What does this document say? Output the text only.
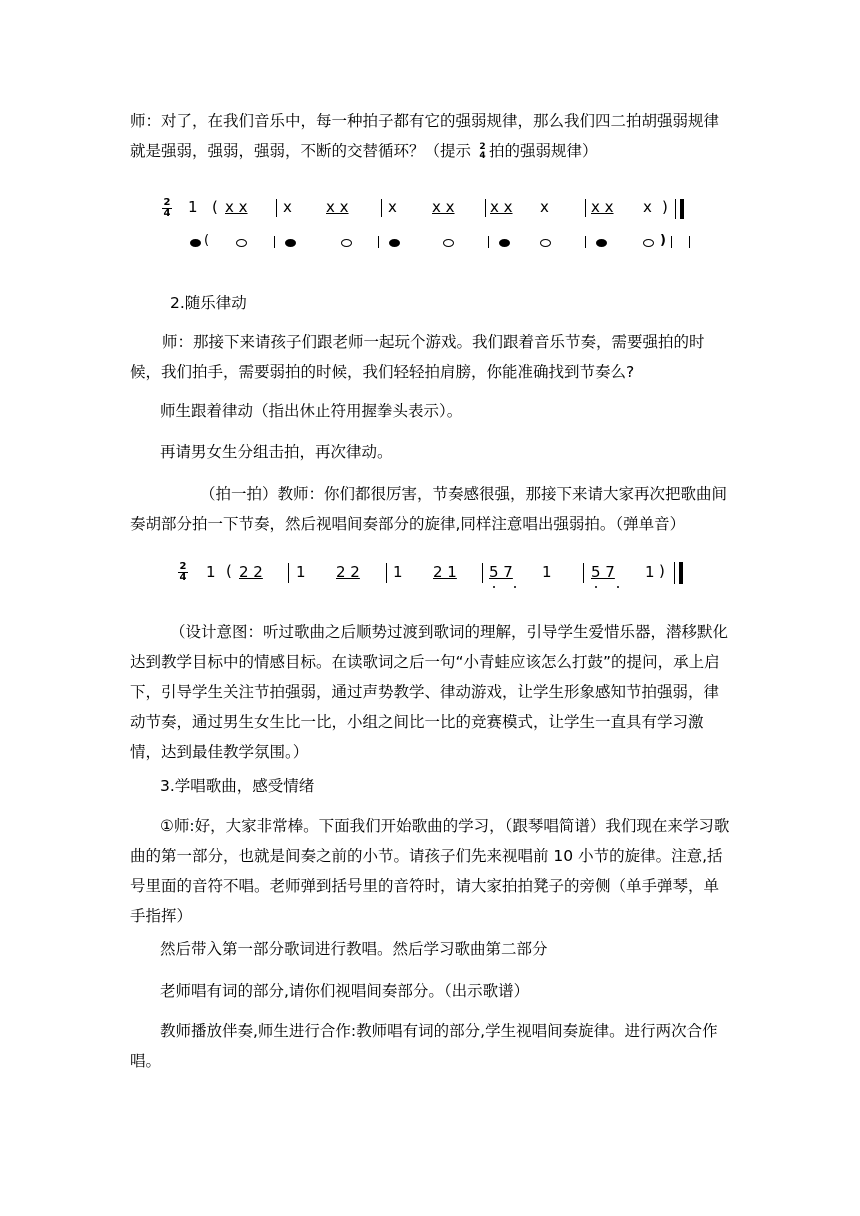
师：对了，在我们音乐中，每一种拍子都有它的强弱规律，那么我们四二拍胡强弱规律就是强弱，强弱，强弱，不断的交替循环？（提示 2
4 拍的强弱规律）

2
4 1 ( x x x x x	x x x x x x	x x x )
(	)

2.随乐律动

师：那接下来请孩子们跟老师一起玩个游戏。我们跟着音乐节奏，需要强拍的时候，我们拍手，需要弱拍的时候，我们轻轻拍肩膀，你能准确找到节奏么?

师生跟着律动（指出休止符用握拳头表示）。

再请男女生分组击拍，再次律动。

（拍一拍）教师：你们都很厉害，节奏感很强，那接下来请大家再次把歌曲间奏胡部分拍一下节奏，然后视唱间奏部分的旋律,同样注意唱出强弱拍。（弹单音）

2
4 1 ( 2 2 1 2 2 1 2 1 5 7 1	5 7 1 )

（设计意图：听过歌曲之后顺势过渡到歌词的理解，引导学生爱惜乐器，潜移默化达到教学目标中的情感目标。在读歌词之后一句“小青蛙应该怎么打鼓”的提问，承上启下，引导学生关注节拍强弱，通过声势教学、律动游戏，让学生形象感知节拍强弱，律动节奏，通过男生女生比一比，小组之间比一比的竞赛模式，让学生一直具有学习激情，达到最佳教学氛围。）

3.学唱歌曲，感受情绪

①师:好，大家非常棒。下面我们开始歌曲的学习，（跟琴唱简谱）我们现在来学习歌曲的第一部分，也就是间奏之前的小节。请孩子们先来视唱前 10 小节的旋律。注意,括号里面的音符不唱。老师弹到括号里的音符时，请大家拍拍凳子的旁侧（单手弹琴，单手指挥）

然后带入第一部分歌词进行教唱。然后学习歌曲第二部分

老师唱有词的部分,请你们视唱间奏部分。（出示歌谱）

教师播放伴奏,师生进行合作:教师唱有词的部分,学生视唱间奏旋律。进行两次合作唱。
